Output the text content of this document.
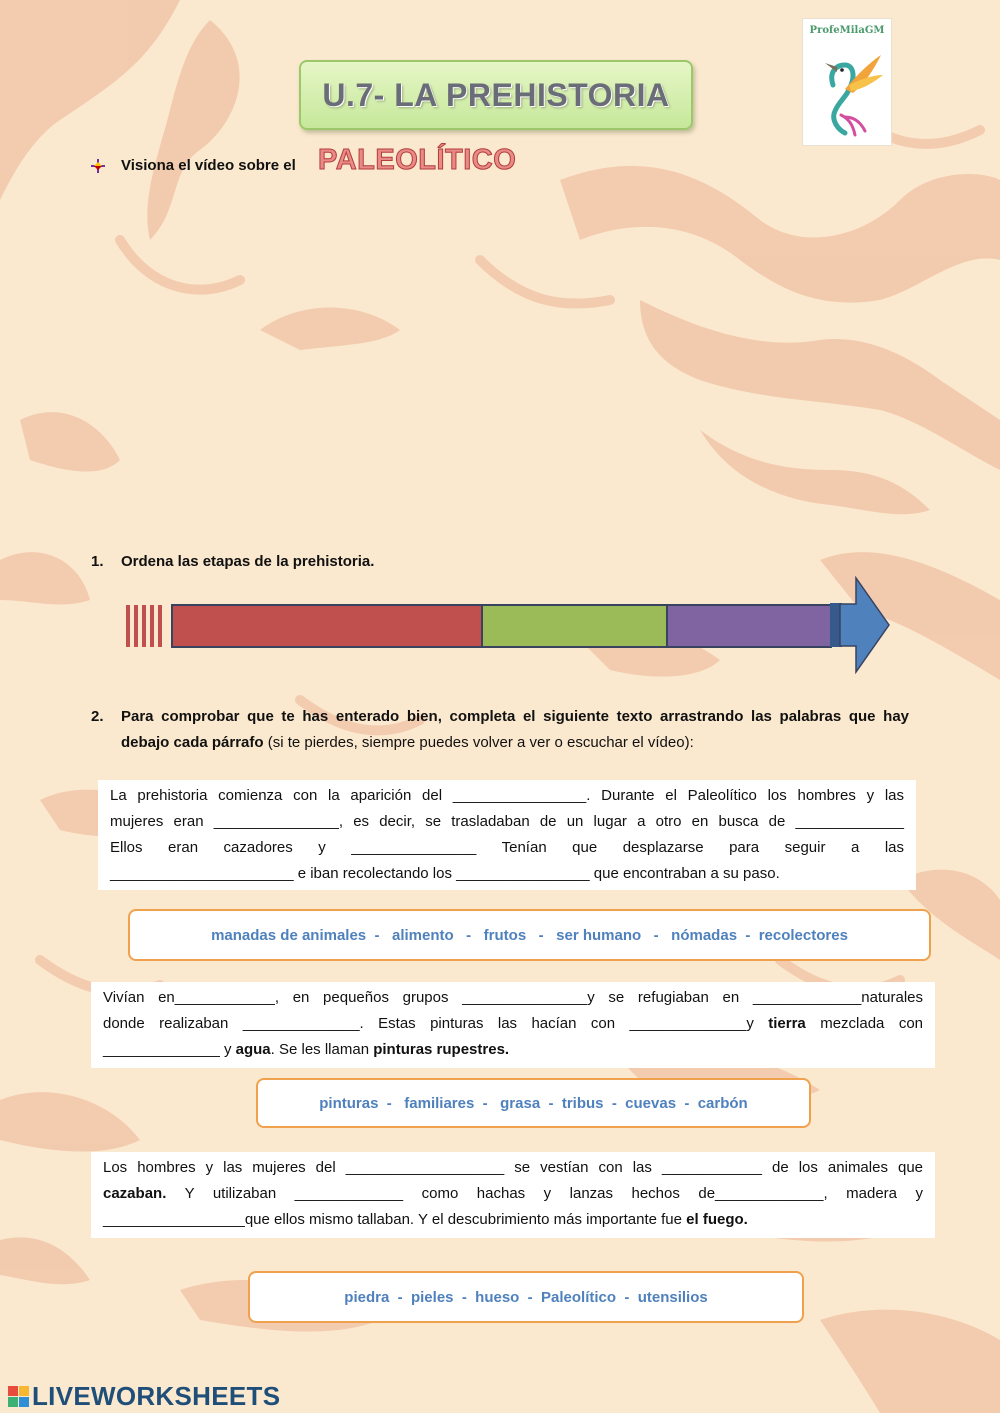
U.7- LA PREHISTORIA
ProfeMilaGM
Visiona el vídeo sobre el PALEOLÍTICO
1. Ordena las etapas de la prehistoria.
2. Para comprobar que te has enterado bien, completa el siguiente texto arrastrando las palabras que hay debajo cada párrafo (si te pierdes, siempre puedes volver a ver o escuchar el vídeo):
La prehistoria comienza con la aparición del ________________. Durante el Paleolítico los hombres y las
mujeres eran _______________, es decir, se trasladaban de un lugar a otro en busca de _____________
Ellos eran cazadores y _______________ Tenían que desplazarse para seguir a las
______________________ e iban recolectando los ________________ que encontraban a su paso.
manadas de animales  -   alimento   -   frutos   -   ser humano   -   nómadas  -  recolectores
Vivían en____________, en pequeños grupos _______________y se refugiaban en _____________naturales
donde realizaban ______________. Estas pinturas las hacían con ______________y tierra mezclada con
______________ y agua. Se les llaman pinturas rupestres.
pinturas  -   familiares  -   grasa  -  tribus  -  cuevas  -  carbón
Los hombres y las mujeres del ___________________ se vestían con las ____________ de los animales que
cazaban. Y utilizaban _____________ como hachas y lanzas hechos de_____________, madera y
_________________que ellos mismo tallaban. Y el descubrimiento más importante fue el fuego.
piedra  -  pieles  -  hueso  -  Paleolítico  -  utensilios
LIVEWORKSHEETS
